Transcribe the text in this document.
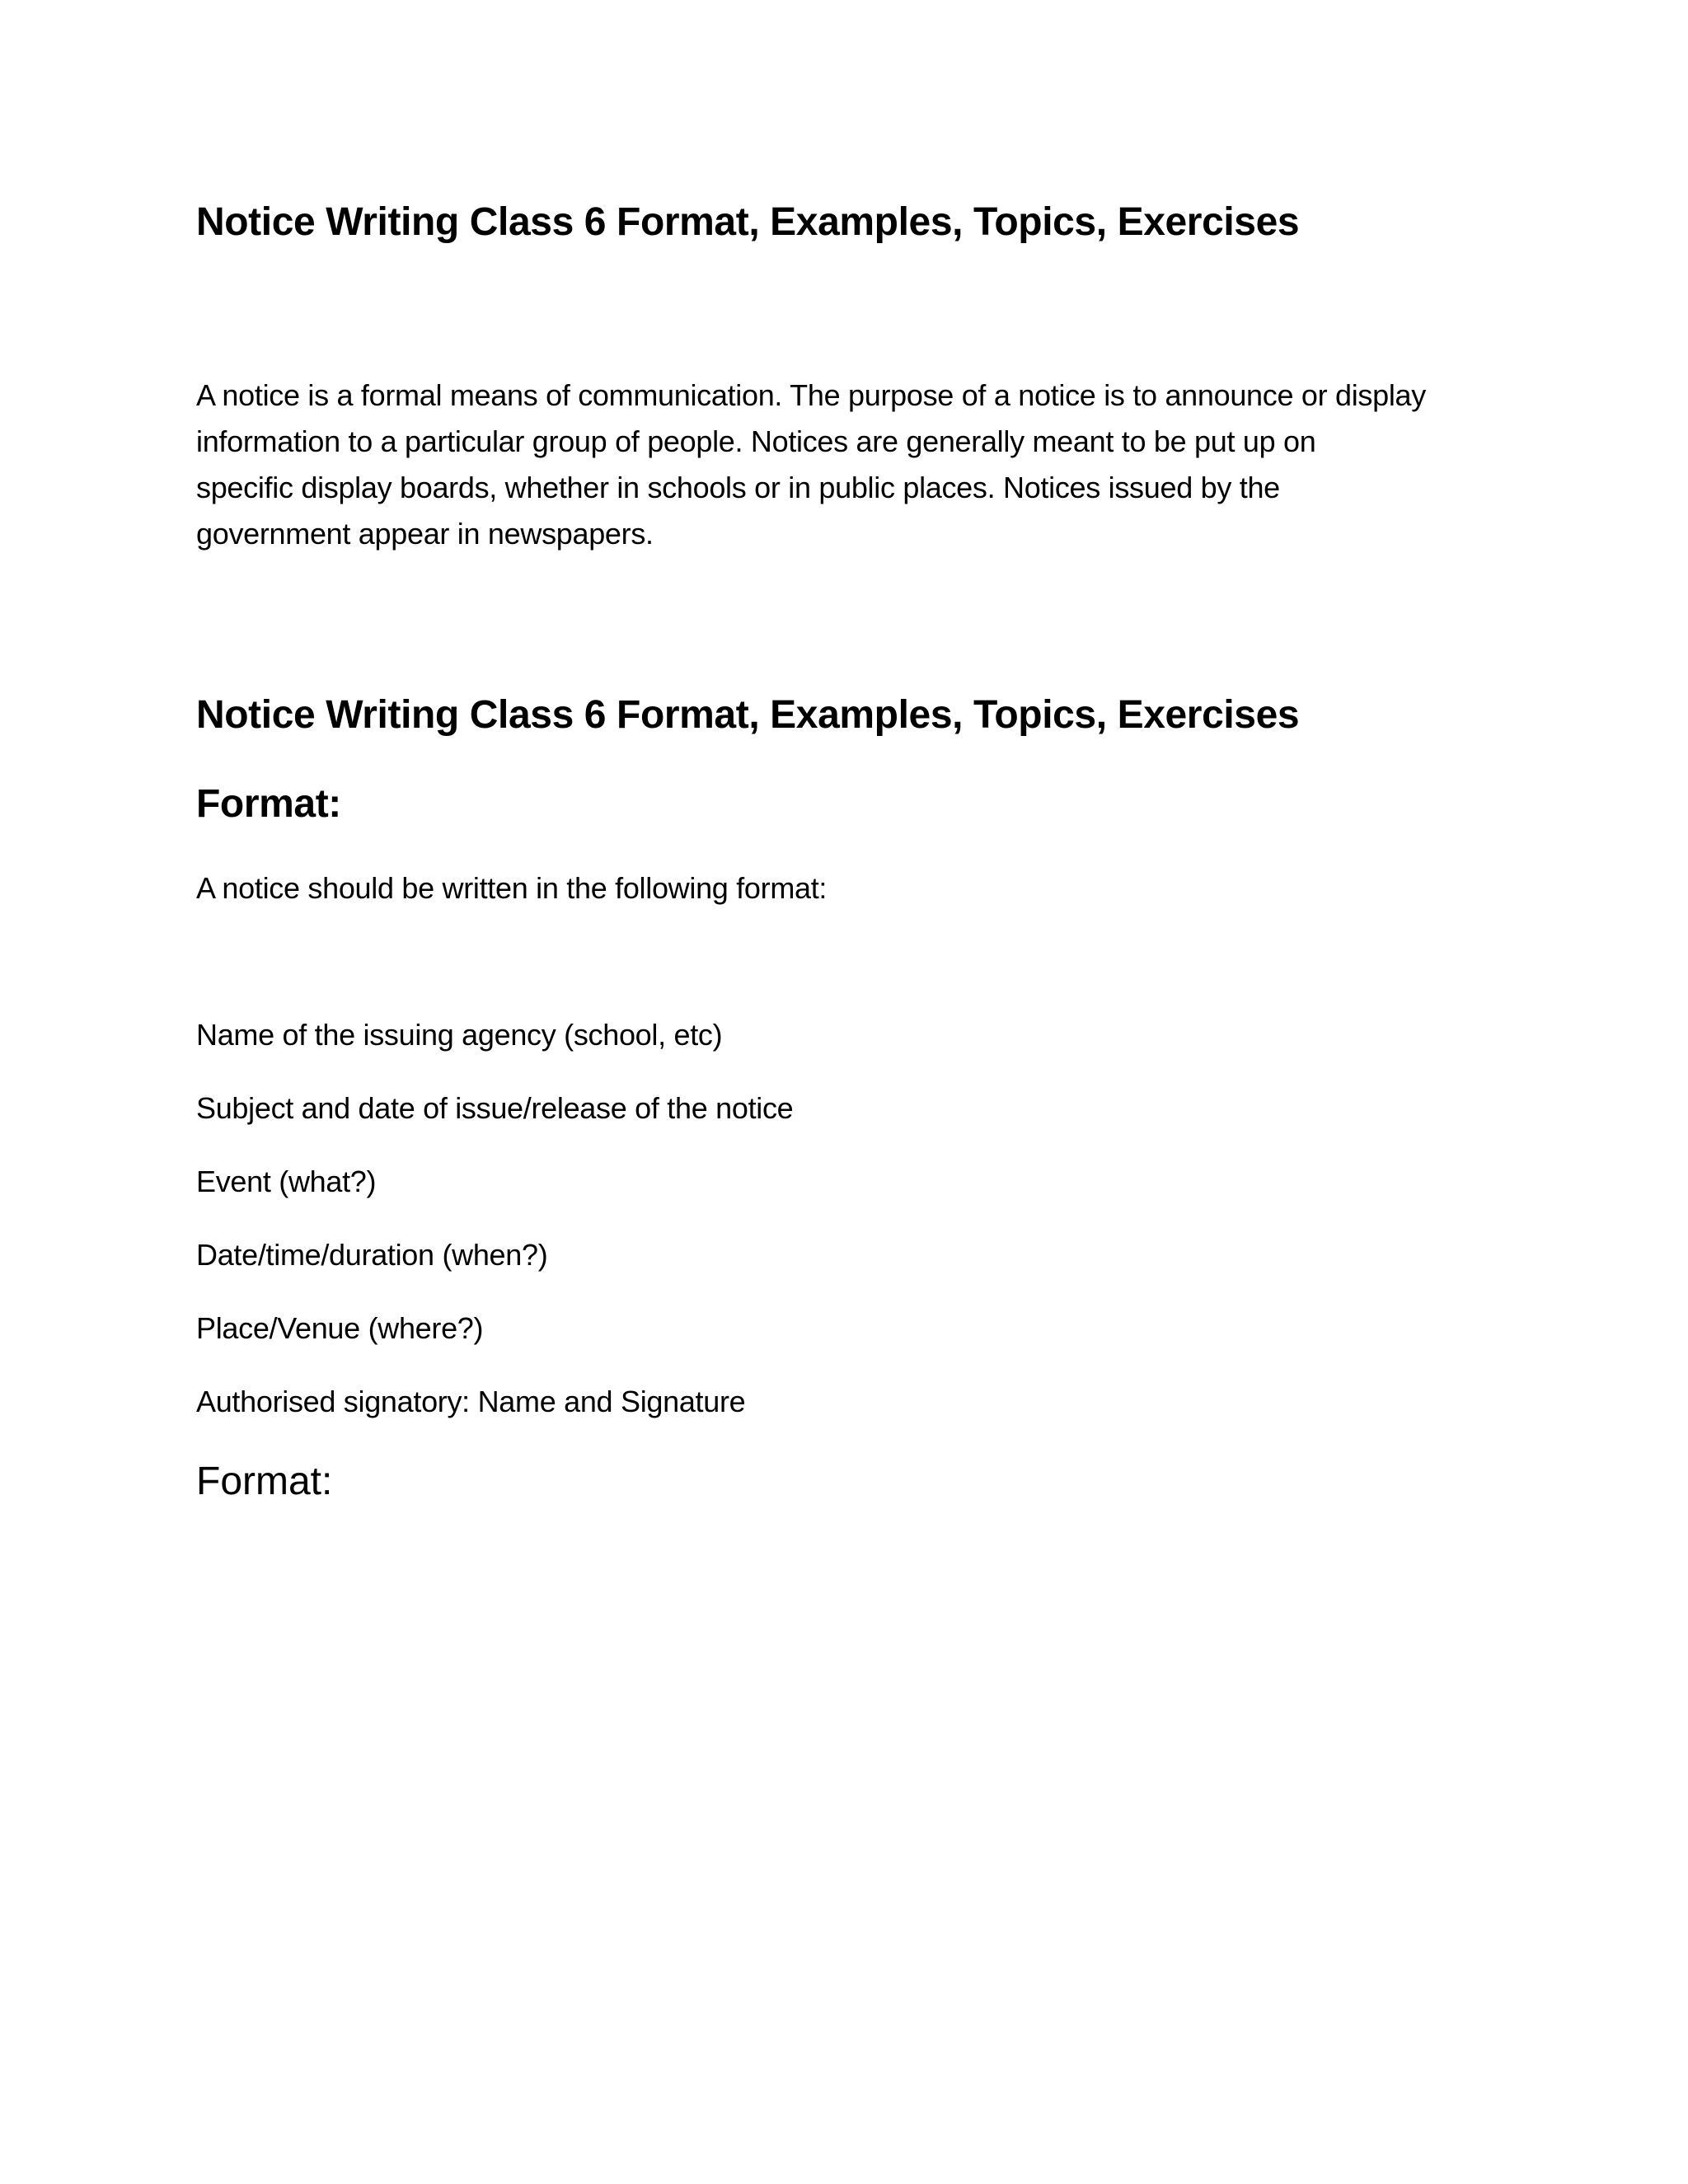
Notice Writing Class 6 Format, Examples, Topics, Exercises
A notice is a formal means of communication. The purpose of a notice is to announce or display
information to a particular group of people. Notices are generally meant to be put up on
specific display boards, whether in schools or in public places. Notices issued by the
government appear in newspapers.
Notice Writing Class 6 Format, Examples, Topics, Exercises
Format:

A notice should be written in the following format:

Name of the issuing agency (school, etc)

Subject and date of issue/release of the notice

Event (what?)

Date/time/duration (when?)

Place/Venue (where?)

Authorised signatory: Name and Signature

Format:
